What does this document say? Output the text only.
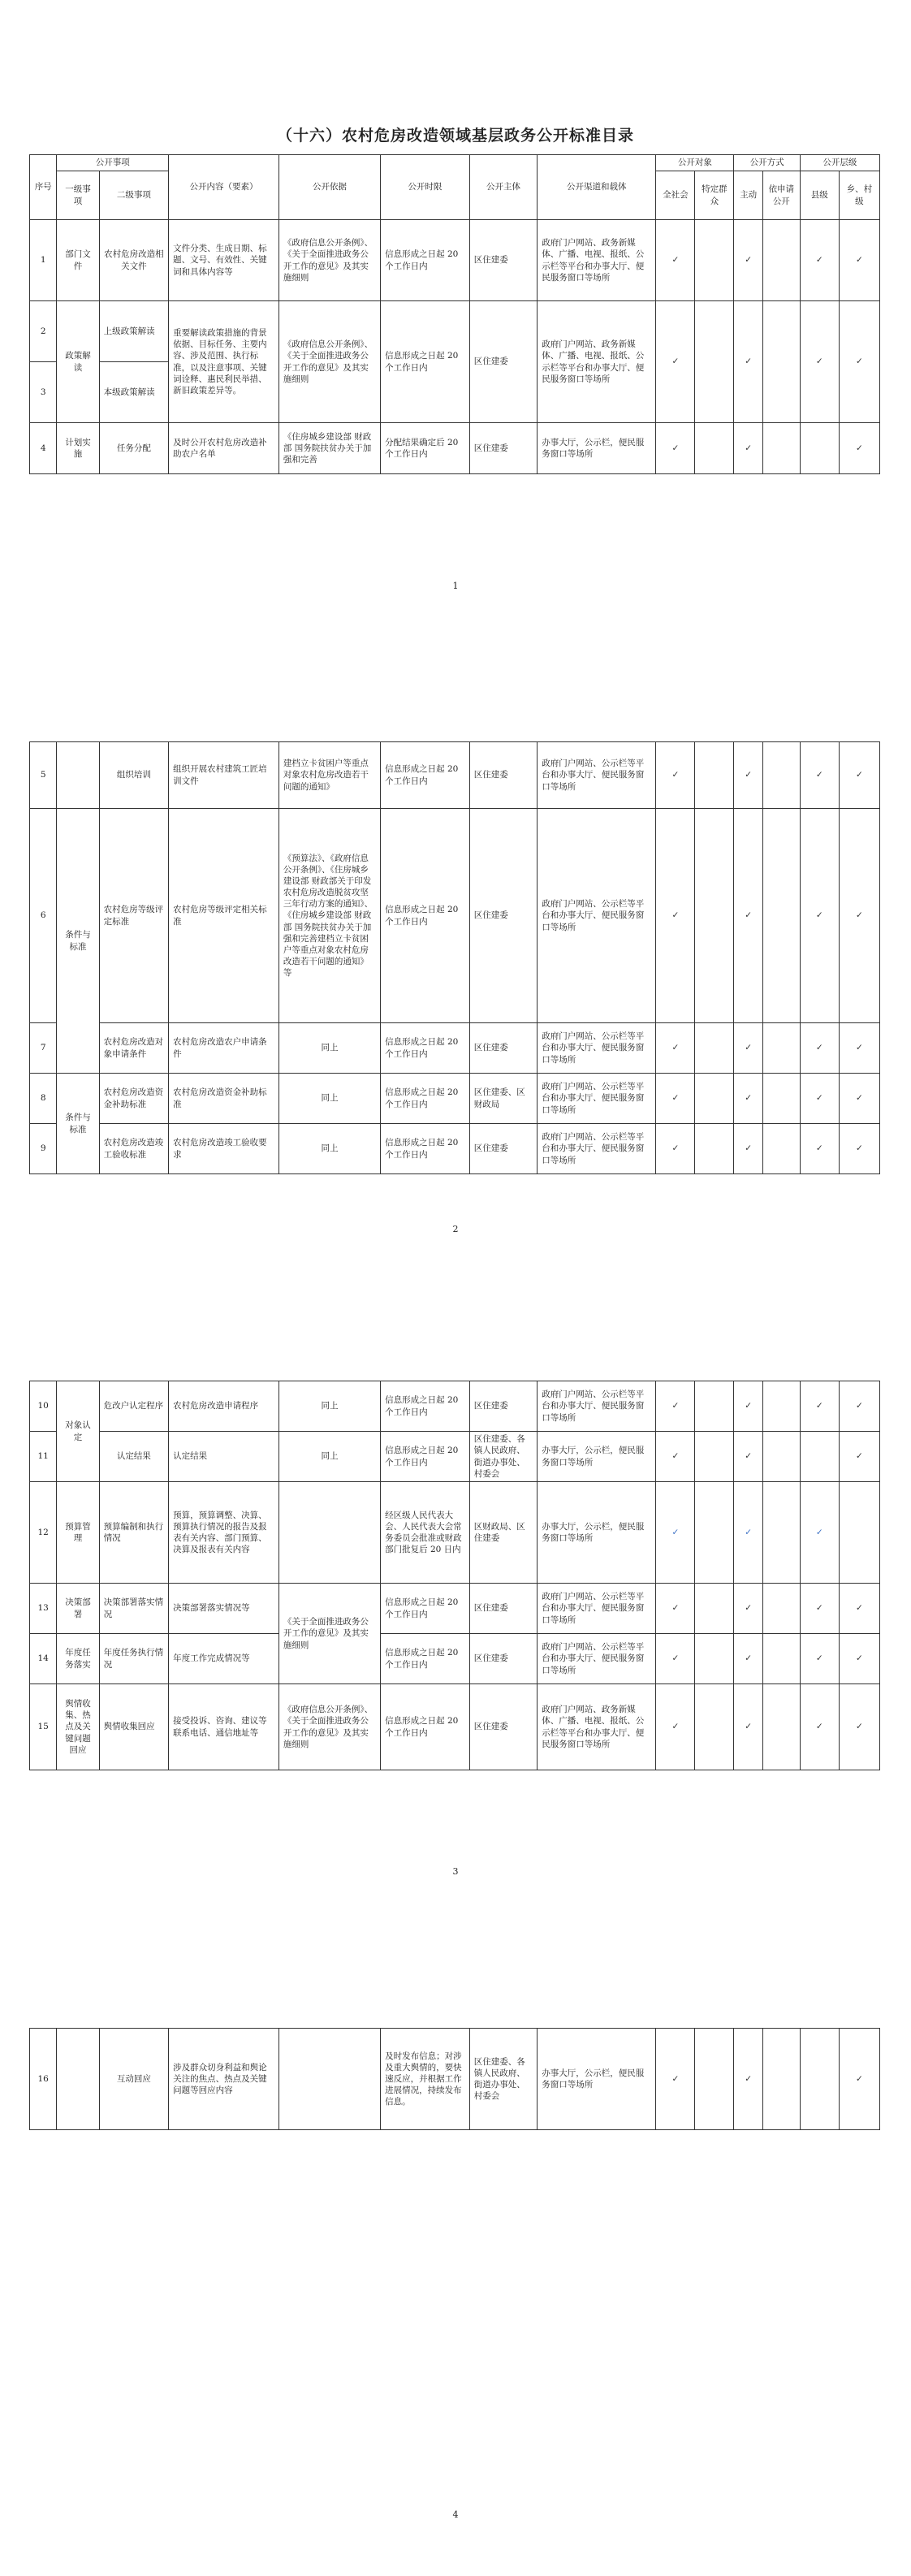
（十六）农村危房改造领域基层政务公开标准目录
序号	公开事项		公开内容（要素）	公开依据	公开时限	公开主体	公开渠道和载体	公开对象		公开方式		公开层级	
	一级事项	二级事项						全社会	特定群众	主动	依申请公开	县级	乡、村级

1	部门文件	农村危房改造相关文件	文件分类、生成日期、标题、文号、有效性、关键词和具体内容等	《政府信息公开条例》、《关于全面推进政务公开工作的意见》及其实施细则	信息形成之日起 20 个工作日内	区住建委	政府门户网站、政务新媒体、广播、电视、报纸、公示栏等平台和办事大厅、便民服务窗口等场所	✓		✓		✓	✓
2	政策解读	上级政策解读	重要解读政策措施的背景依据、目标任务、主要内容、涉及范围、执行标准，以及注意事项、关键词诠释、惠民利民举措、新旧政策差异等。	《政府信息公开条例》、《关于全面推进政务公开工作的意见》及其实施细则	信息形成之日起 20 个工作日内	区住建委	政府门户网站、政务新媒体、广播、电视、报纸、公示栏等平台和办事大厅、便民服务窗口等场所	✓		✓		✓	✓
3		本级政策解读											
4	计划实施	任务分配	及时公开农村危房改造补助农户名单	《住房城乡建设部 财政部 国务院扶贫办关于加强和完善	分配结果确定后 20 个工作日内	区住建委	办事大厅，公示栏，便民服务窗口等场所	✓		✓			✓
1
5		组织培训	组织开展农村建筑工匠培训文件	建档立卡贫困户等重点对象农村危房改造若干问题的通知》	信息形成之日起 20 个工作日内	区住建委	政府门户网站、公示栏等平台和办事大厅、便民服务窗口等场所	✓		✓		✓	✓
6	条件与标准	农村危房等级评定标准	农村危房等级评定相关标准	《预算法》、《政府信息公开条例》、《住房城乡建设部 财政部关于印发农村危房改造脱贫攻坚三年行动方案的通知》、《住房城乡建设部 财政部 国务院扶贫办关于加强和完善建档立卡贫困户等重点对象农村危房改造若干问题的通知》等	信息形成之日起 20 个工作日内	区住建委	政府门户网站、公示栏等平台和办事大厅、便民服务窗口等场所	✓		✓		✓	✓
7		农村危房改造对象申请条件	农村危房改造农户申请条件	同上	信息形成之日起 20 个工作日内	区住建委	政府门户网站、公示栏等平台和办事大厅、便民服务窗口等场所	✓		✓		✓	✓
8	条件与标准	农村危房改造资金补助标准	农村危房改造资金补助标准	同上	信息形成之日起 20 个工作日内	区住建委、区财政局	政府门户网站、公示栏等平台和办事大厅、便民服务窗口等场所	✓		✓		✓	✓
9		农村危房改造竣工验收标准	农村危房改造竣工验收要求	同上	信息形成之日起 20 个工作日内	区住建委	政府门户网站、公示栏等平台和办事大厅、便民服务窗口等场所	✓		✓		✓	✓
2
10	对象认定	危改户认定程序	农村危房改造申请程序	同上	信息形成之日起 20 个工作日内	区住建委	政府门户网站、公示栏等平台和办事大厅、便民服务窗口等场所	✓		✓		✓	✓
11		认定结果	认定结果	同上	信息形成之日起 20 个工作日内	区住建委、各镇人民政府、街道办事处、村委会	办事大厅，公示栏，便民服务窗口等场所	✓		✓			✓
12	预算管理	预算编制和执行情况	预算，预算调整、决算、预算执行情况的报告及报表有关内容、部门预算、决算及报表有关内容		经区级人民代表大会、人民代表大会常务委员会批准或财政部门批复后 20 日内	区财政局、区住建委	办事大厅，公示栏，便民服务窗口等场所	✓		✓		✓	
13	决策部署	决策部署落实情况	决策部署落实情况等	《关于全面推进政务公开工作的意见》及其实施细则	信息形成之日起 20 个工作日内	区住建委	政府门户网站、公示栏等平台和办事大厅、便民服务窗口等场所	✓		✓		✓	✓
14	年度任务落实	年度任务执行情况	年度工作完成情况等		信息形成之日起 20 个工作日内	区住建委	政府门户网站、公示栏等平台和办事大厅、便民服务窗口等场所	✓		✓		✓	✓
15	舆情收集、热点及关键问题回应	舆情收集回应	接受投诉、咨询、建议等联系电话、通信地址等	《政府信息公开条例》、《关于全面推进政务公开工作的意见》及其实施细则	信息形成之日起 20 个工作日内	区住建委	政府门户网站、政务新媒体、广播、电视、报纸、公示栏等平台和办事大厅、便民服务窗口等场所	✓		✓		✓	✓
3
16		互动回应	涉及群众切身利益和舆论关注的焦点、热点及关键问题等回应内容		及时发布信息；对涉及重大舆情的，要快速反应，并根据工作进展情况，持续发布信息。	区住建委、各镇人民政府、街道办事处、村委会	办事大厅，公示栏，便民服务窗口等场所	✓		✓			✓
4
